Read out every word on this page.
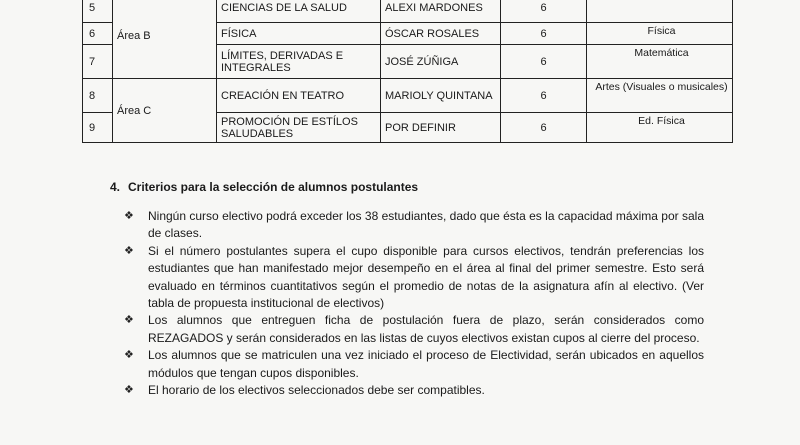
5	Área B	CIENCIAS DE LA SALUD	ALEXI MARDONES	6	
6		FÍSICA	ÓSCAR ROSALES	6	Física
7		LÍMITES, DERIVADAS E INTEGRALES	JOSÉ ZÚÑIGA	6	Matemática
8	Área C	CREACIÓN EN TEATRO	MARIOLY QUINTANA	6	Artes (Visuales o musicales)
9		PROMOCIÓN DE ESTÍLOS SALUDABLES	POR DEFINIR	6	Ed. Física
4. Criterios para la selección de alumnos postulantes
❖ Ningún curso electivo podrá exceder los 38 estudiantes, dado que ésta es la capacidad máxima por sala de clases.
❖ Si el número postulantes supera el cupo disponible para cursos electivos, tendrán preferencias los estudiantes que han manifestado mejor desempeño en el área al final del primer semestre. Esto será evaluado en términos cuantitativos según el promedio de notas de la asignatura afín al electivo. (Ver tabla de propuesta institucional de electivos)
❖ Los alumnos que entreguen ficha de postulación fuera de plazo, serán considerados como REZAGADOS y serán considerados en las listas de cuyos electivos existan cupos al cierre del proceso.
❖ Los alumnos que se matriculen una vez iniciado el proceso de Electividad, serán ubicados en aquellos módulos que tengan cupos disponibles.
❖ El horario de los electivos seleccionados debe ser compatibles.
